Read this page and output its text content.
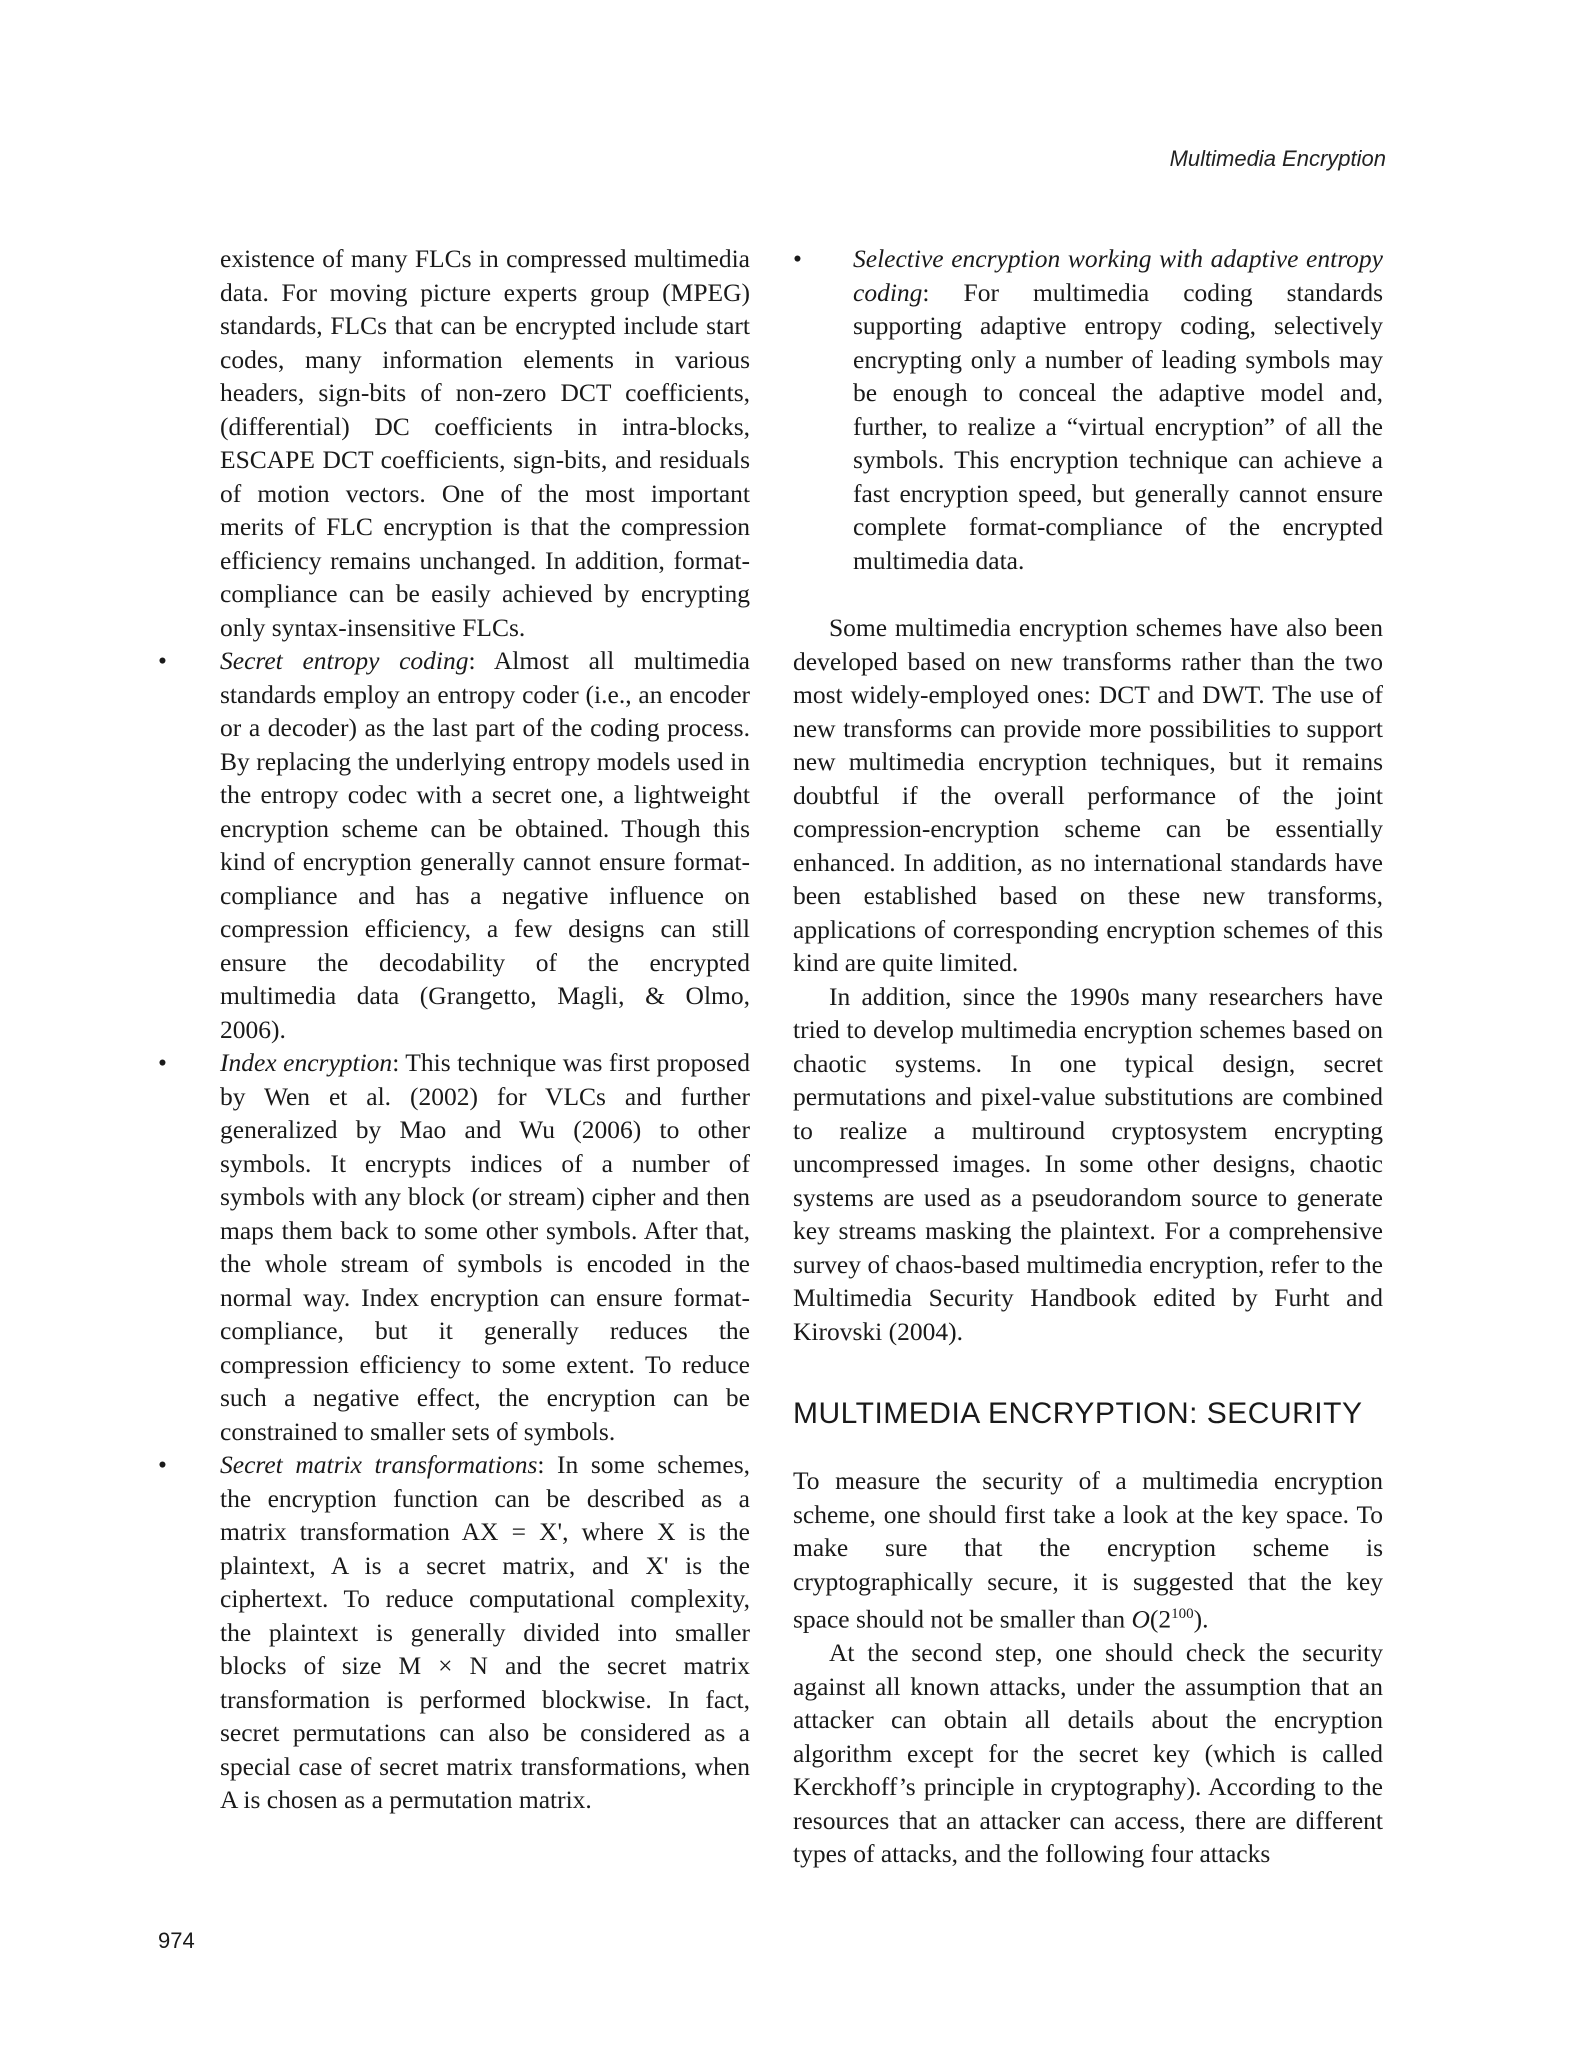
Multimedia Encryption

existence of many FLCs in compressed multimedia data. For moving picture experts group (MPEG) standards, FLCs that can be encrypted include start codes, many information elements in various headers, sign-bits of non-zero DCT coefficients, (differential) DC coefficients in intra-blocks, ESCAPE DCT coefficients, sign-bits, and residuals of motion vectors. One of the most important merits of FLC encryption is that the compression efficiency remains unchanged. In addition, format-compliance can be easily achieved by encrypting only syntax-insensitive FLCs.

• Secret entropy coding: Almost all multimedia standards employ an entropy coder (i.e., an encoder or a decoder) as the last part of the coding process. By replacing the underlying entropy models used in the entropy codec with a secret one, a lightweight encryption scheme can be obtained. Though this kind of encryption generally cannot ensure format-compliance and has a negative influence on compression efficiency, a few designs can still ensure the decodability of the encrypted multimedia data (Grangetto, Magli, & Olmo, 2006).

• Index encryption: This technique was first proposed by Wen et al. (2002) for VLCs and further generalized by Mao and Wu (2006) to other symbols. It encrypts indices of a number of symbols with any block (or stream) cipher and then maps them back to some other symbols. After that, the whole stream of symbols is encoded in the normal way. Index encryption can ensure format-compliance, but it generally reduces the compression efficiency to some extent. To reduce such a negative effect, the encryption can be constrained to smaller sets of symbols.

• Secret matrix transformations: In some schemes, the encryption function can be described as a matrix transformation AX = X', where X is the plaintext, A is a secret matrix, and X' is the ciphertext. To reduce computational complexity, the plaintext is generally divided into smaller blocks of size M × N and the secret matrix transformation is performed blockwise. In fact, secret permutations can also be considered as a special case of secret matrix transformations, when A is chosen as a permutation matrix.

• Selective encryption working with adaptive entropy coding: For multimedia coding standards supporting adaptive entropy coding, selectively encrypting only a number of leading symbols may be enough to conceal the adaptive model and, further, to realize a “virtual encryption” of all the symbols. This encryption technique can achieve a fast encryption speed, but generally cannot ensure complete format-compliance of the encrypted multimedia data.

Some multimedia encryption schemes have also been developed based on new transforms rather than the two most widely-employed ones: DCT and DWT. The use of new transforms can provide more possibilities to support new multimedia encryption techniques, but it remains doubtful if the overall performance of the joint compression-encryption scheme can be essentially enhanced. In addition, as no international standards have been established based on these new transforms, applications of corresponding encryption schemes of this kind are quite limited.

In addition, since the 1990s many researchers have tried to develop multimedia encryption schemes based on chaotic systems. In one typical design, secret permutations and pixel-value substitutions are combined to realize a multiround cryptosystem encrypting uncompressed images. In some other designs, chaotic systems are used as a pseudorandom source to generate key streams masking the plaintext. For a comprehensive survey of chaos-based multimedia encryption, refer to the Multimedia Security Handbook edited by Furht and Kirovski (2004).

MULTIMEDIA ENCRYPTION: SECURITY

To measure the security of a multimedia encryption scheme, one should first take a look at the key space. To make sure that the encryption scheme is cryptographically secure, it is suggested that the key space should not be smaller than $O(2^{100})$.

At the second step, one should check the security against all known attacks, under the assumption that an attacker can obtain all details about the encryption algorithm except for the secret key (which is called Kerckhoff’s principle in cryptography). According to the resources that an attacker can access, there are different types of attacks, and the following four attacks

974
